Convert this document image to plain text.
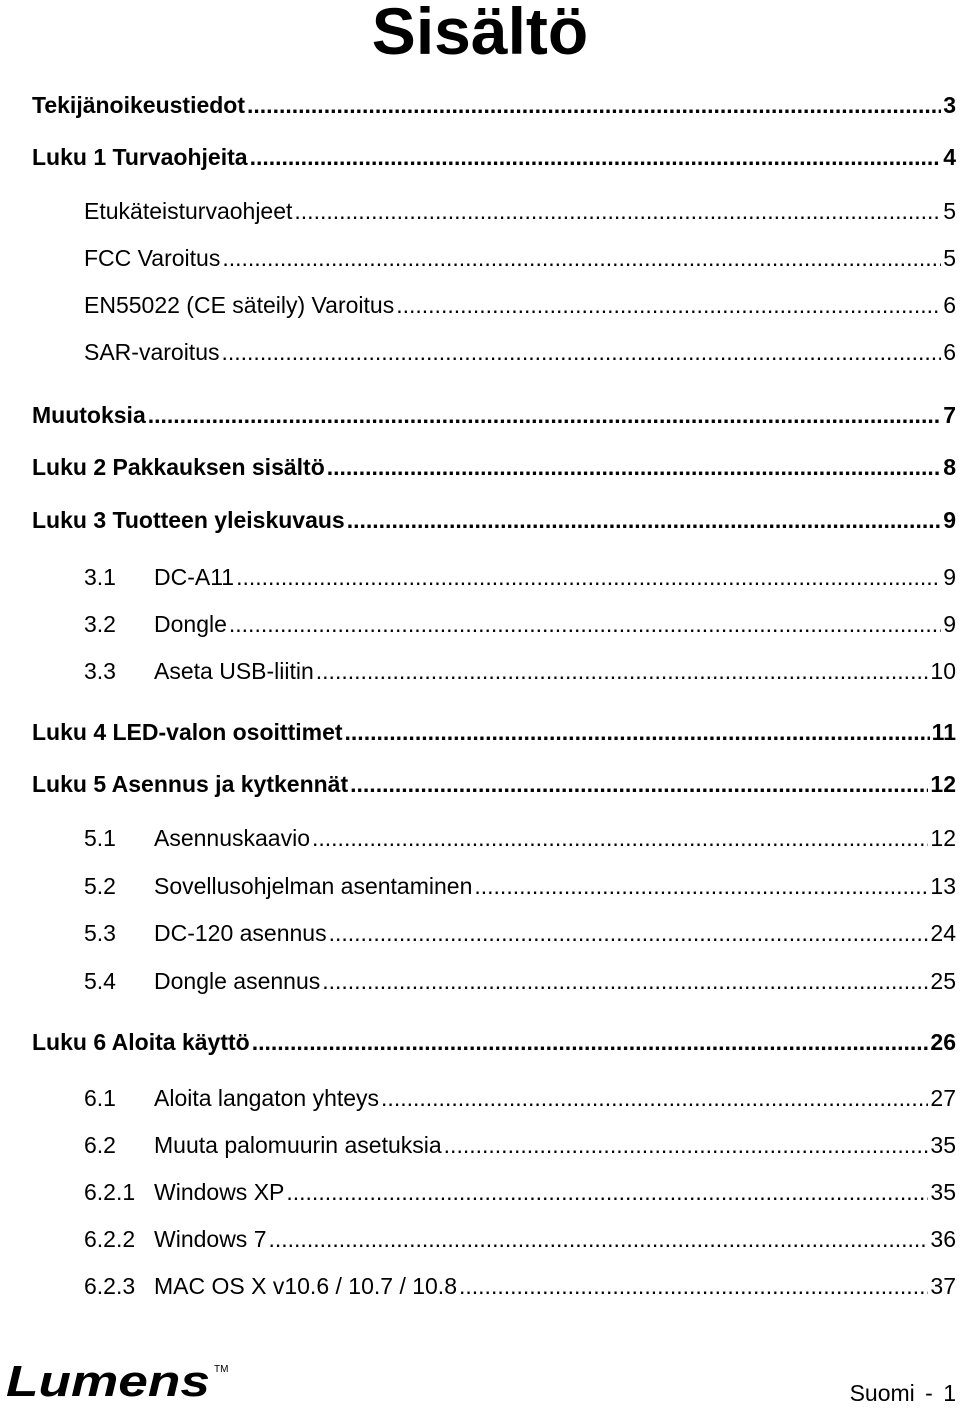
Sisältö
Tekijänoikeustiedot .....	3
Luku 1 Turvaohjeita .....	4
Etukäteisturvaohjeet .....	5
FCC Varoitus .....	5
EN55022 (CE säteily) Varoitus .....	6
SAR-varoitus .....	6
Muutoksia .....	7
Luku 2 Pakkauksen sisältö .....	8
Luku 3 Tuotteen yleiskuvaus .....	9
3.1	DC-A11 .....	9
3.2	Dongle .....	9
3.3	Aseta USB-liitin .....	10
Luku 4 LED-valon osoittimet .....	11
Luku 5 Asennus ja kytkennät .....	12
5.1	Asennuskaavio .....	12
5.2	Sovellusohjelman asentaminen .....	13
5.3	DC-120 asennus .....	24
5.4	Dongle asennus .....	25
Luku 6 Aloita käyttö .....	26
6.1	Aloita langaton yhteys .....	27
6.2	Muuta palomuurin asetuksia .....	35
6.2.1 Windows XP .....	35
6.2.2 Windows 7 .....	36
6.2.3 MAC OS X v10.6 / 10.7 / 10.8 .....	37
Lumens TM
Suomi - 1
